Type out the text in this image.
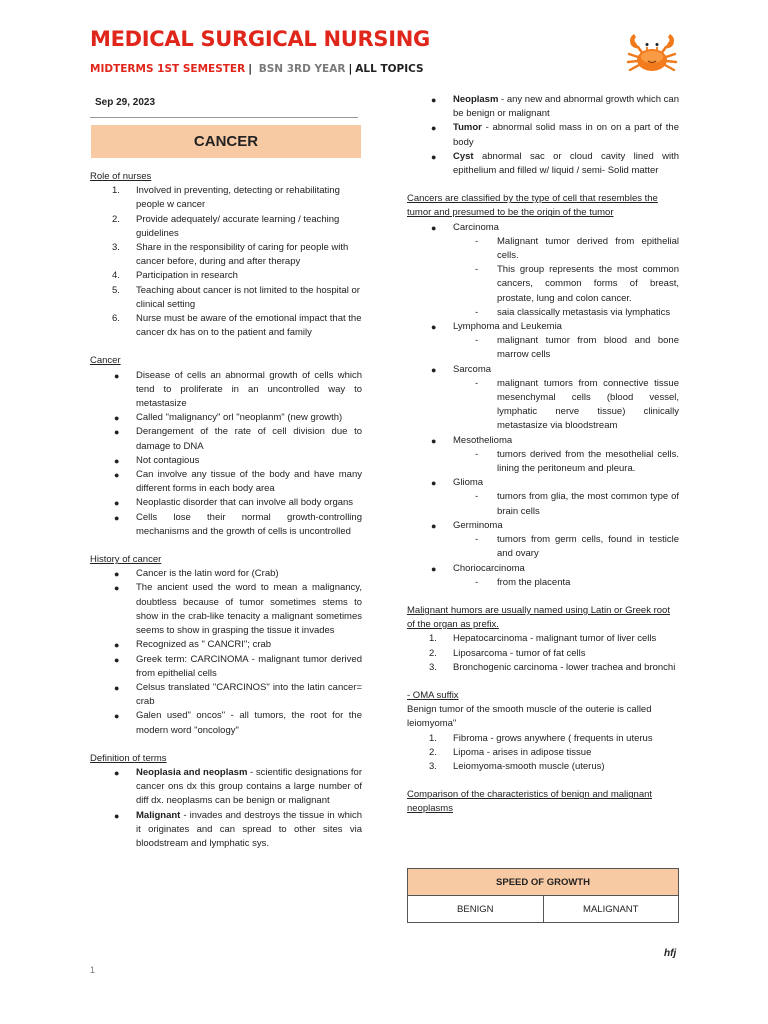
MEDICAL SURGICAL NURSING
MIDTERMS 1ST SEMESTER | BSN 3RD YEAR | ALL TOPICS
Sep 29, 2023
CANCER

Role of nurses

1.	Involved in preventing, detecting or rehabilitating people w cancer
2.	Provide adequately/ accurate learning / teaching guidelines
3.	Share in the responsibility of caring for people with cancer before, during and after therapy
4.	Participation in research
5.	Teaching about cancer is not limited to the hospital or clinical setting
6.	Nurse must be aware of the emotional impact that the cancer dx has on to the patient and family

Cancer

●	Disease of cells an abnormal growth of cells which tend to proliferate in an uncontrolled way to metastasize
●	Called "malignancy" orl "neoplanm" (new growth)
●	Derangement of the rate of cell division due to damage to DNA
●	Not contagious
●	Can involve any tissue of the body and have many different forms in each body area
●	Neoplastic disorder that can involve all body organs
●	Cells lose their normal growth-controlling mechanisms and the growth of cells is uncontrolled

History of cancer

●	Cancer is the latin word for (Crab)
●	The ancient used the word to mean a malignancy, doubtless because of tumor sometimes stems to show in the crab-like tenacity a malignant sometimes seems to show in grasping the tissue it invades
●	Recognized as " CANCRI"; crab
●	Greek term: CARCINOMA - malignant tumor derived from epithelial cells
●	Celsus translated "CARCINOS" into the latin cancer= crab
●	Galen used" oncos" - all tumors, the root for the modern word "oncology"

Definition of terms

●	Neoplasia and neoplasm - scientific designations for cancer ons dx this group contains a large number of diff dx. neoplasms can be benign or malignant
●	Malignant - invades and destroys the tissue in which it originates and can spread to other sites via bloodstream and lymphatic sys.
●	Neoplasm - any new and abnormal growth which can be benign or malignant
●	Tumor - abnormal solid mass in on on a part of the body
●	Cyst abnormal sac or cloud cavity lined with epithelium and filled w/ liquid / semi- Solid matter

Cancers are classified by the type of cell that resembles the tumor and presumed to be the origin of the tumor

●	Carcinoma
-	Malignant tumor derived from epithelial cells.
-	This group represents the most common cancers, common forms of breast, prostate, lung and colon cancer.
-	saia classically metastasis via lymphatics
●	Lymphoma and Leukemia
-	malignant tumor from blood and bone marrow cells
●	Sarcoma
-	malignant tumors from connective tissue mesenchymal cells (blood vessel, lymphatic nerve tissue) clinically metastasize via bloodstream
●	Mesothelioma
-	tumors derived from the mesothelial cells. lining the peritoneum and pleura.
●	Glioma
-	tumors from glia, the most common type of brain cells
●	Germinoma
-	tumors from germ cells, found in testicle and ovary
●	Choriocarcinoma
-	from the placenta

Malignant humors are usually named using Latin or Greek root of the organ as prefix.

1.	Hepatocarcinoma - malignant tumor of liver cells
2.	Liposarcoma - tumor of fat cells
3.	Bronchogenic carcinoma - lower trachea and bronchi

- OMA suffix

Benign tumor of the smooth muscle of the outerie is called leiomyoma"

1.	Fibroma - grows anywhere ( frequents in uterus
2.	Lipoma - arises in adipose tissue
3.	Leiomyoma-smooth muscle (uterus)

Comparison of the characteristics of benign and malignant neoplasms

SPEED OF GROWTH
BENIGN	MALIGNANT
hfj
1
